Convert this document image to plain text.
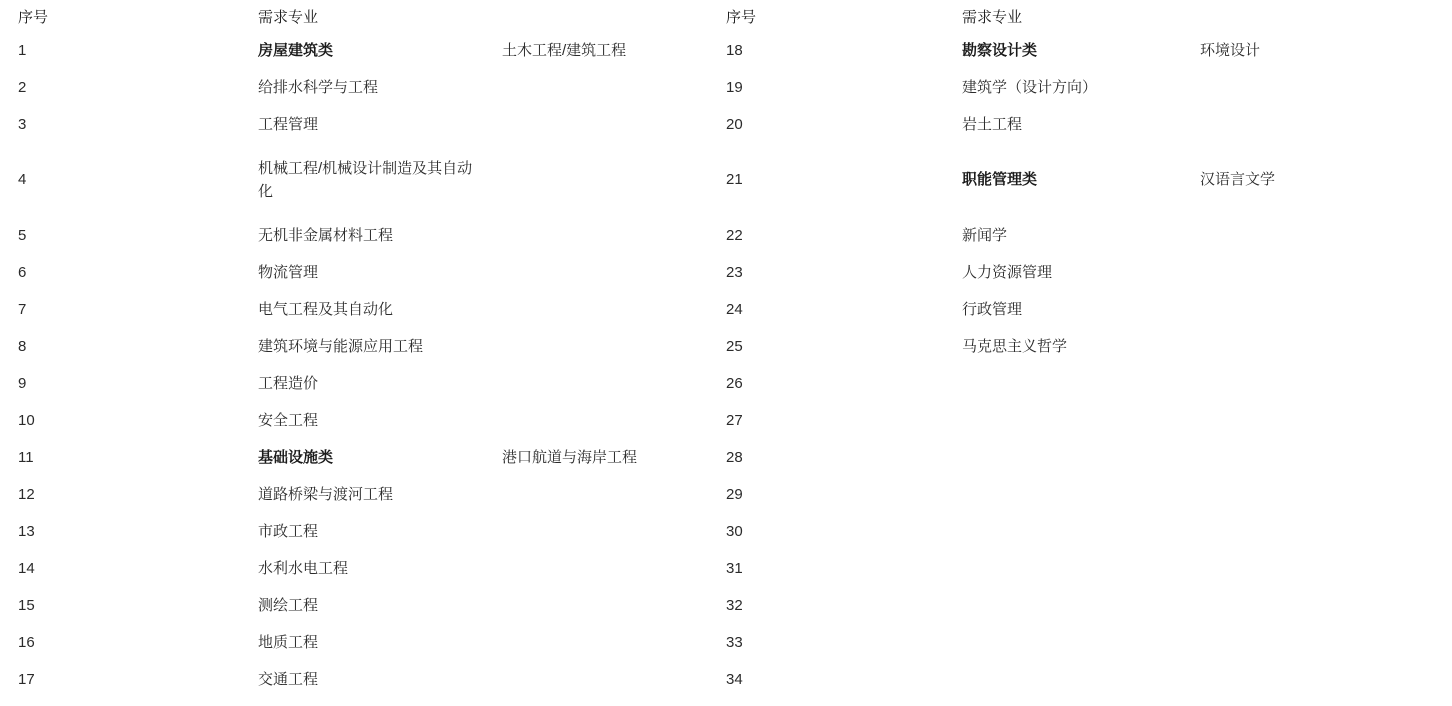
序号	需求专业		序号	需求专业	

1	房屋建筑类	土木工程/建筑工程	18	勘察设计类	环境设计

2	给排水科学与工程		19	建筑学（设计方向）	

3	工程管理		20	岩土工程	

4	机械工程/机械设计制造及其自动化		21	职能管理类	汉语言文学

5	无机非金属材料工程		22	新闻学	

6	物流管理		23	人力资源管理	

7	电气工程及其自动化		24	行政管理	

8	建筑环境与能源应用工程		25	马克思主义哲学	

9	工程造价		26		

10	安全工程		27		

11	基础设施类	港口航道与海岸工程	28		

12	道路桥梁与渡河工程		29		

13	市政工程		30		

14	水利水电工程		31		

15	测绘工程		32		

16	地质工程		33		

17	交通工程		34		
